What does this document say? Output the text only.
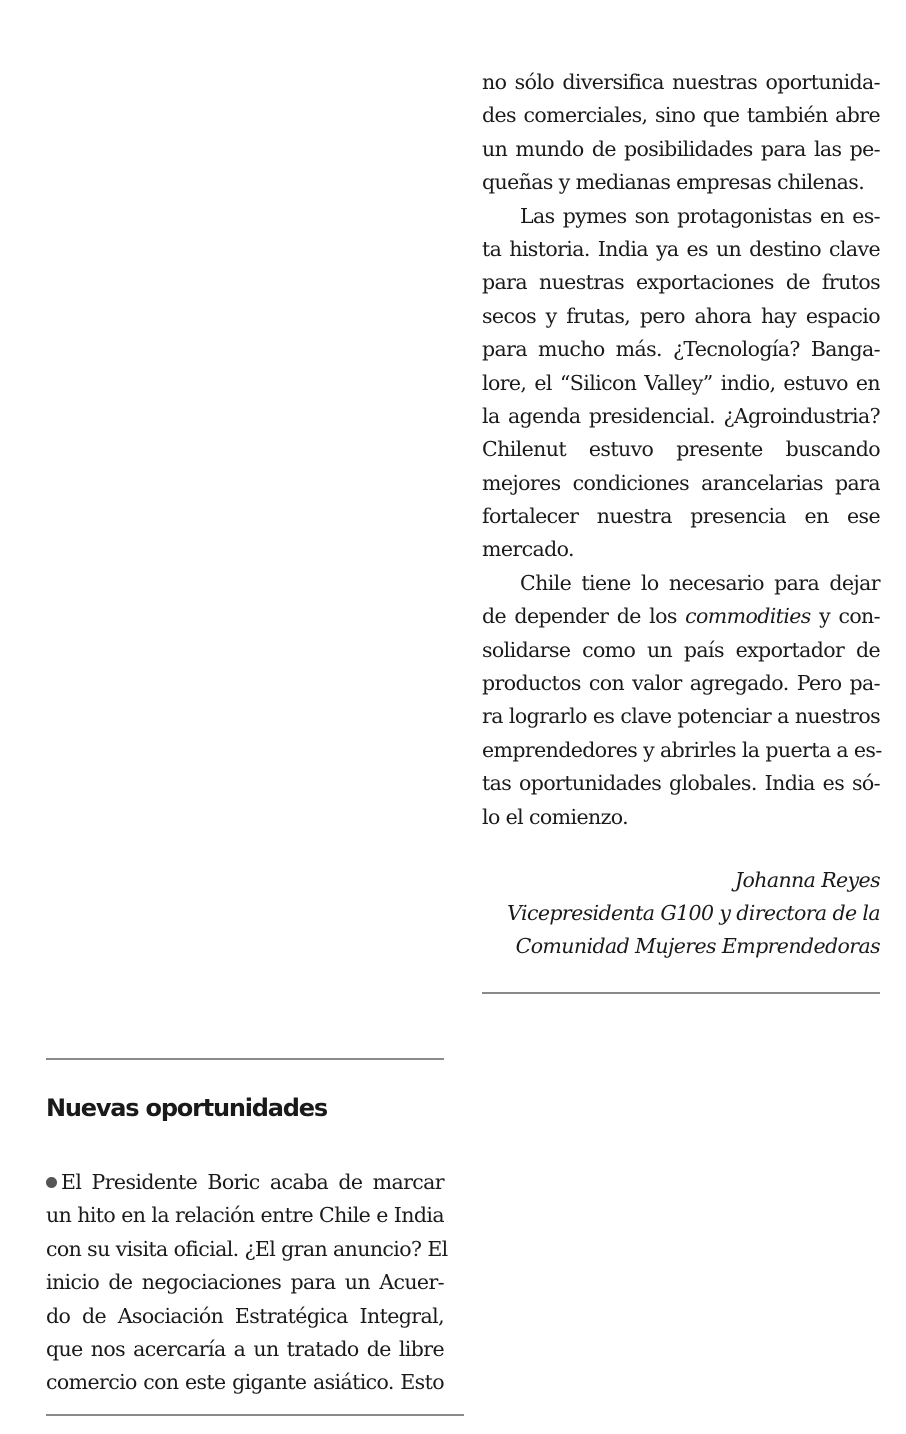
no sólo diversifica nuestras oportunida-
des comerciales, sino que también abre
un mundo de posibilidades para las pe-
queñas y medianas empresas chilenas.
Las pymes son protagonistas en es-
ta historia. India ya es un destino clave
para nuestras exportaciones de frutos
secos y frutas, pero ahora hay espacio
para mucho más. ¿Tecnología? Banga-
lore, el “Silicon Valley” indio, estuvo en
la agenda presidencial. ¿Agroindustria?
Chilenut estuvo presente buscando
mejores condiciones arancelarias para
fortalecer nuestra presencia en ese
mercado.
Chile tiene lo necesario para dejar
de depender de los commodities y con-
solidarse como un país exportador de
productos con valor agregado. Pero pa-
ra lograrlo es clave potenciar a nuestros
emprendedores y abrirles la puerta a es-
tas oportunidades globales. India es só-
lo el comienzo.
Johanna Reyes
Vicepresidenta G100 y directora de la
Comunidad Mujeres Emprendedoras
Nuevas oportunidades
El Presidente Boric acaba de marcar
un hito en la relación entre Chile e India
con su visita oficial. ¿El gran anuncio? El
inicio de negociaciones para un Acuer-
do de Asociación Estratégica Integral,
que nos acercaría a un tratado de libre
comercio con este gigante asiático. Esto
